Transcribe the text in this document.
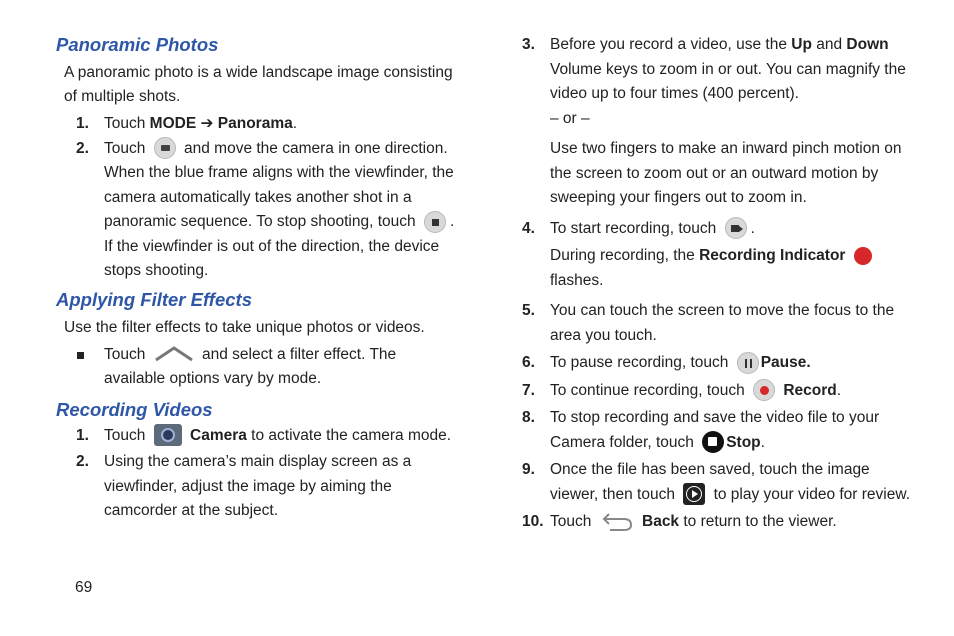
Panoramic Photos

A panoramic photo is a wide landscape image consisting of multiple shots.

1. Touch MODE ➔ Panorama.
2. Touch and move the camera in one direction. When the blue frame aligns with the viewfinder, the camera automatically takes another shot in a panoramic sequence. To stop shooting, touch . If the viewfinder is out of the direction, the device stops shooting.
Applying Filter Effects

Use the filter effects to take unique photos or videos.

Touch	and select a filter effect. The available options vary by mode.
Recording Videos
1. Touch	Camera to activate the camera mode.
2. Using the camera’s main display screen as a viewfinder, adjust the image by aiming the camcorder at the subject.
3. Before you record a video, use the Up and Down Volume keys to zoom in or out. You can magnify the video up to four times (400 percent).
– or –
Use two fingers to make an inward pinch motion on the screen to zoom out or an outward motion by sweeping your fingers out to zoom in.
4. To start recording, touch .
During recording, the Recording Indicator  flashes.
5. You can touch the screen to move the focus to the area you touch.
6. To pause recording, touch Pause.
7. To continue recording, touch Record.
8. To stop recording and save the video file to your Camera folder, touch Stop.
9. Once the file has been saved, touch the image viewer, then touch to play your video for review.
10. Touch	Back to return to the viewer.
69
